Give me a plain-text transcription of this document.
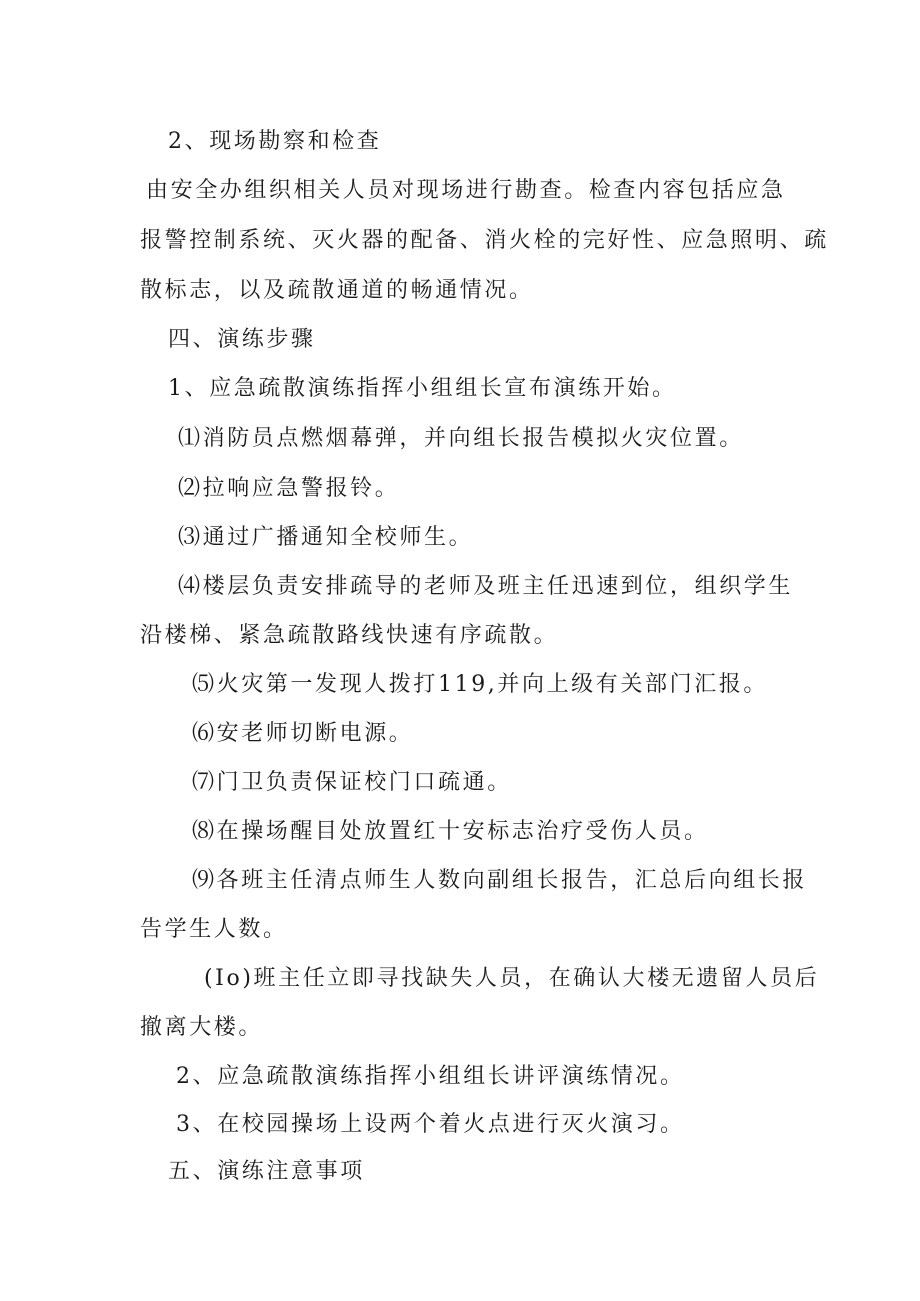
2、现场勘察和检查
由安全办组织相关人员对现场进行勘查。检查内容包括应急
报警控制系统、灭火器的配备、消火栓的完好性、应急照明、疏
散标志，以及疏散通道的畅通情况。
四、演练步骤
1、应急疏散演练指挥小组组长宣布演练开始。
⑴消防员点燃烟幕弹，并向组长报告模拟火灾位置。
⑵拉响应急警报铃。
⑶通过广播通知全校师生。
⑷楼层负责安排疏导的老师及班主任迅速到位，组织学生
沿楼梯、紧急疏散路线快速有序疏散。
⑸火灾第一发现人拨打119,并向上级有关部门汇报。
⑹安老师切断电源。
⑺门卫负责保证校门口疏通。
⑻在操场醒目处放置红十安标志治疗受伤人员。
⑼各班主任清点师生人数向副组长报告，汇总后向组长报
告学生人数。
(Io)班主任立即寻找缺失人员，在确认大楼无遗留人员后
撤离大楼。
2、应急疏散演练指挥小组组长讲评演练情况。
3、在校园操场上设两个着火点进行灭火演习。
五、演练注意事项
